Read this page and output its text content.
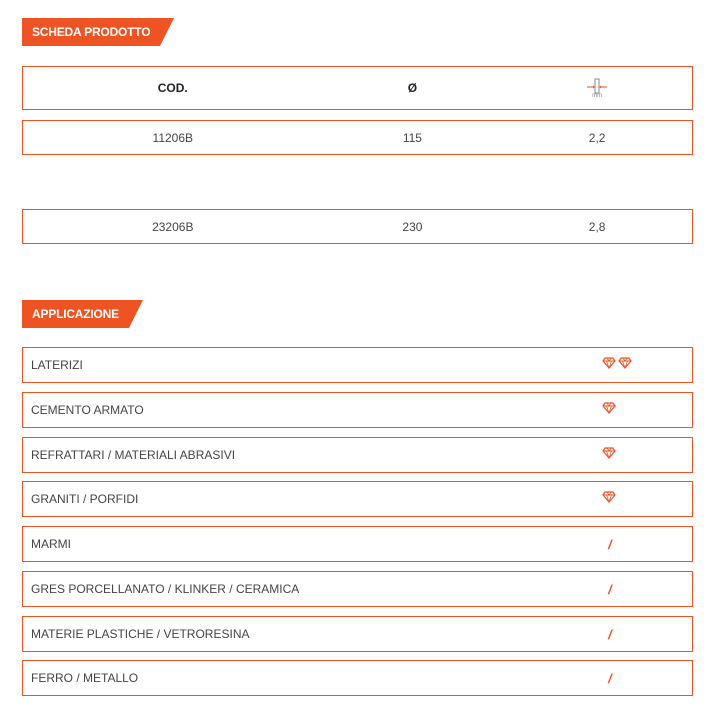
SCHEDA PRODOTTO
COD.	Ø
mm
11206B	115	2,2
23206B	230	2,8
APPLICAZIONE
LATERIZI
CEMENTO ARMATO
REFRATTARI / MATERIALI ABRASIVI
GRANITI / PORFIDI
MARMI	/
GRES PORCELLANATO / KLINKER / CERAMICA	/
MATERIE PLASTICHE / VETRORESINA	/
FERRO / METALLO	/
